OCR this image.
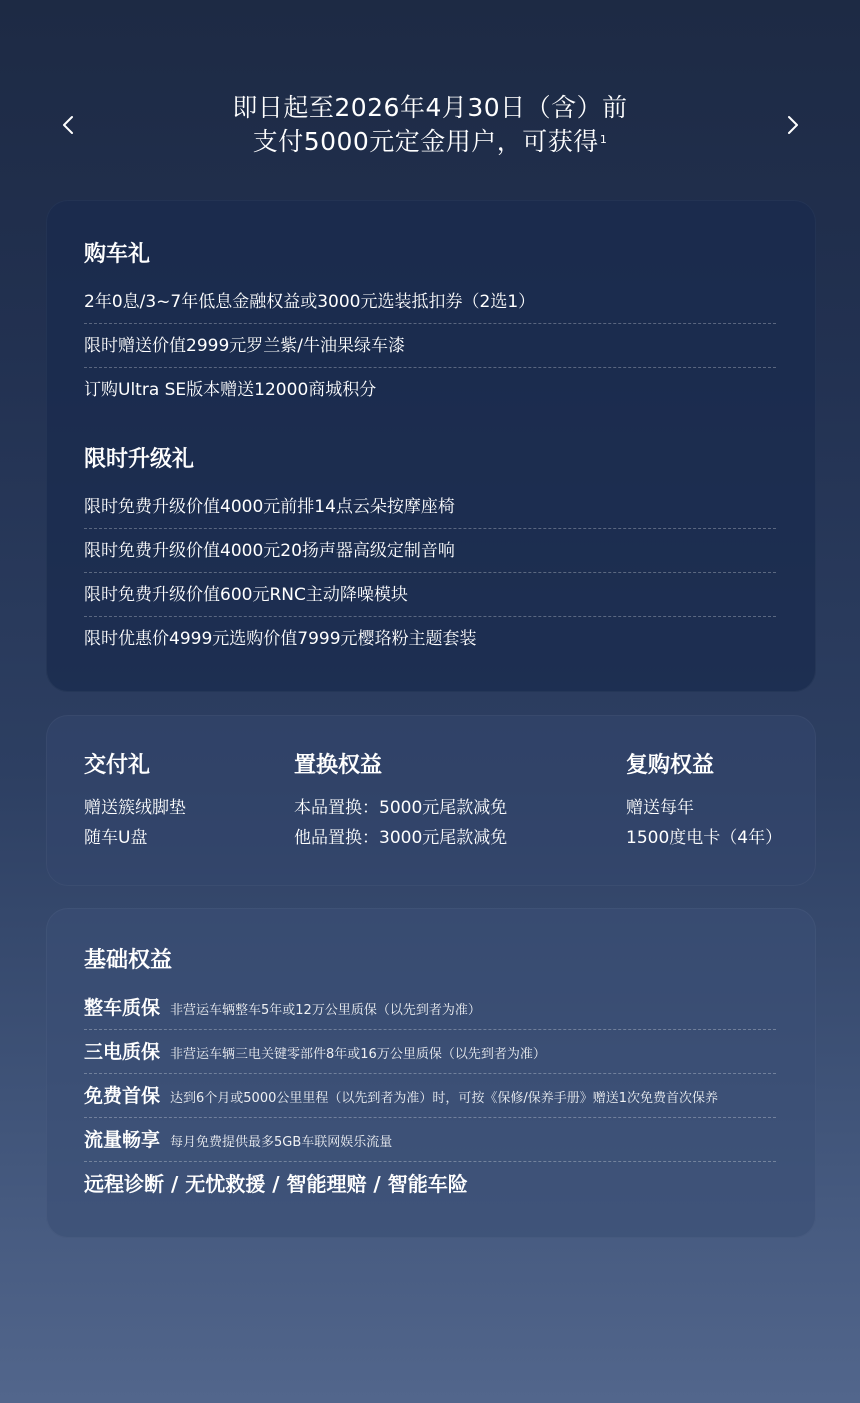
即日起至2026年4月30日（含）前
支付5000元定金用户，可获得$^1$
购车礼
2年0息/3~7年低息金融权益或3000元选装抵扣券（2选1）
限时赠送价值2999元罗兰紫/牛油果绿车漆
订购Ultra SE版本赠送12000商城积分
限时升级礼
限时免费升级价值4000元前排14点云朵按摩座椅
限时免费升级价值4000元20扬声器高级定制音响
限时免费升级价值600元RNC主动降噪模块
限时优惠价4999元选购价值7999元樱珞粉主题套装
交付礼
赠送簇绒脚垫
随车U盘
置换权益
本品置换：5000元尾款减免
他品置换：3000元尾款减免
复购权益
赠送每年
1500度电卡（4年）
基础权益
整车质保 非营运车辆整车5年或12万公里质保（以先到者为准）
三电质保 非营运车辆三电关键零部件8年或16万公里质保（以先到者为准）
免费首保 达到6个月或5000公里里程（以先到者为准）时，可按《保修/保养手册》赠送1次免费首次保养
流量畅享 每月免费提供最多5GB车联网娱乐流量
远程诊断 / 无忧救援 / 智能理赔 / 智能车险
